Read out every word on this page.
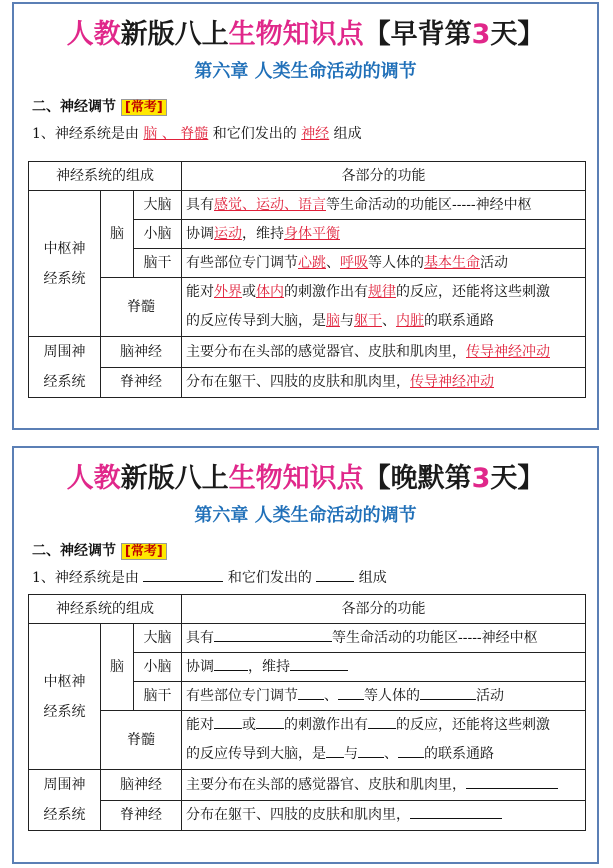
人教新版八上生物知识点【早背第3天】
第六章 人类生命活动的调节
二、神经调节 [常考]
1、神经系统是由 脑 、 脊髓 和它们发出的 神经 组成
神经系统的组成			各部分的功能
中枢神
经系统	脑	大脑	具有感觉、运动、语言等生命活动的功能区-----神经中枢
		小脑	协调运动，维持身体平衡
		脑干	有些部位专门调节心跳、呼吸等人体的基本生命活动
	脊髓		能对外界或体内的刺激作出有规律的反应，还能将这些刺激
的反应传导到大脑，是脑与躯干、内脏的联系通路
周围神
经系统	脑神经		主要分布在头部的感觉器官、皮肤和肌肉里，传导神经冲动
	脊神经		分布在躯干、四肢的皮肤和肌肉里，传导神经冲动
人教新版八上生物知识点【晚默第3天】
第六章 人类生命活动的调节
二、神经调节 [常考]
1、神经系统是由	和它们发出的	组成
神经系统的组成			各部分的功能
中枢神
经系统	脑	大脑	具有 等生命活动的功能区-----神经中枢
		小脑	协调 ，维持
		脑干	有些部位专门调节 、 等人体的 活动
	脊髓		能对 或 的刺激作出有 的反应，还能将这些刺激
的反应传导到大脑，是 与 、 的联系通路
周围神
经系统	脑神经		主要分布在头部的感觉器官、皮肤和肌肉里，
	脊神经		分布在躯干、四肢的皮肤和肌肉里，
